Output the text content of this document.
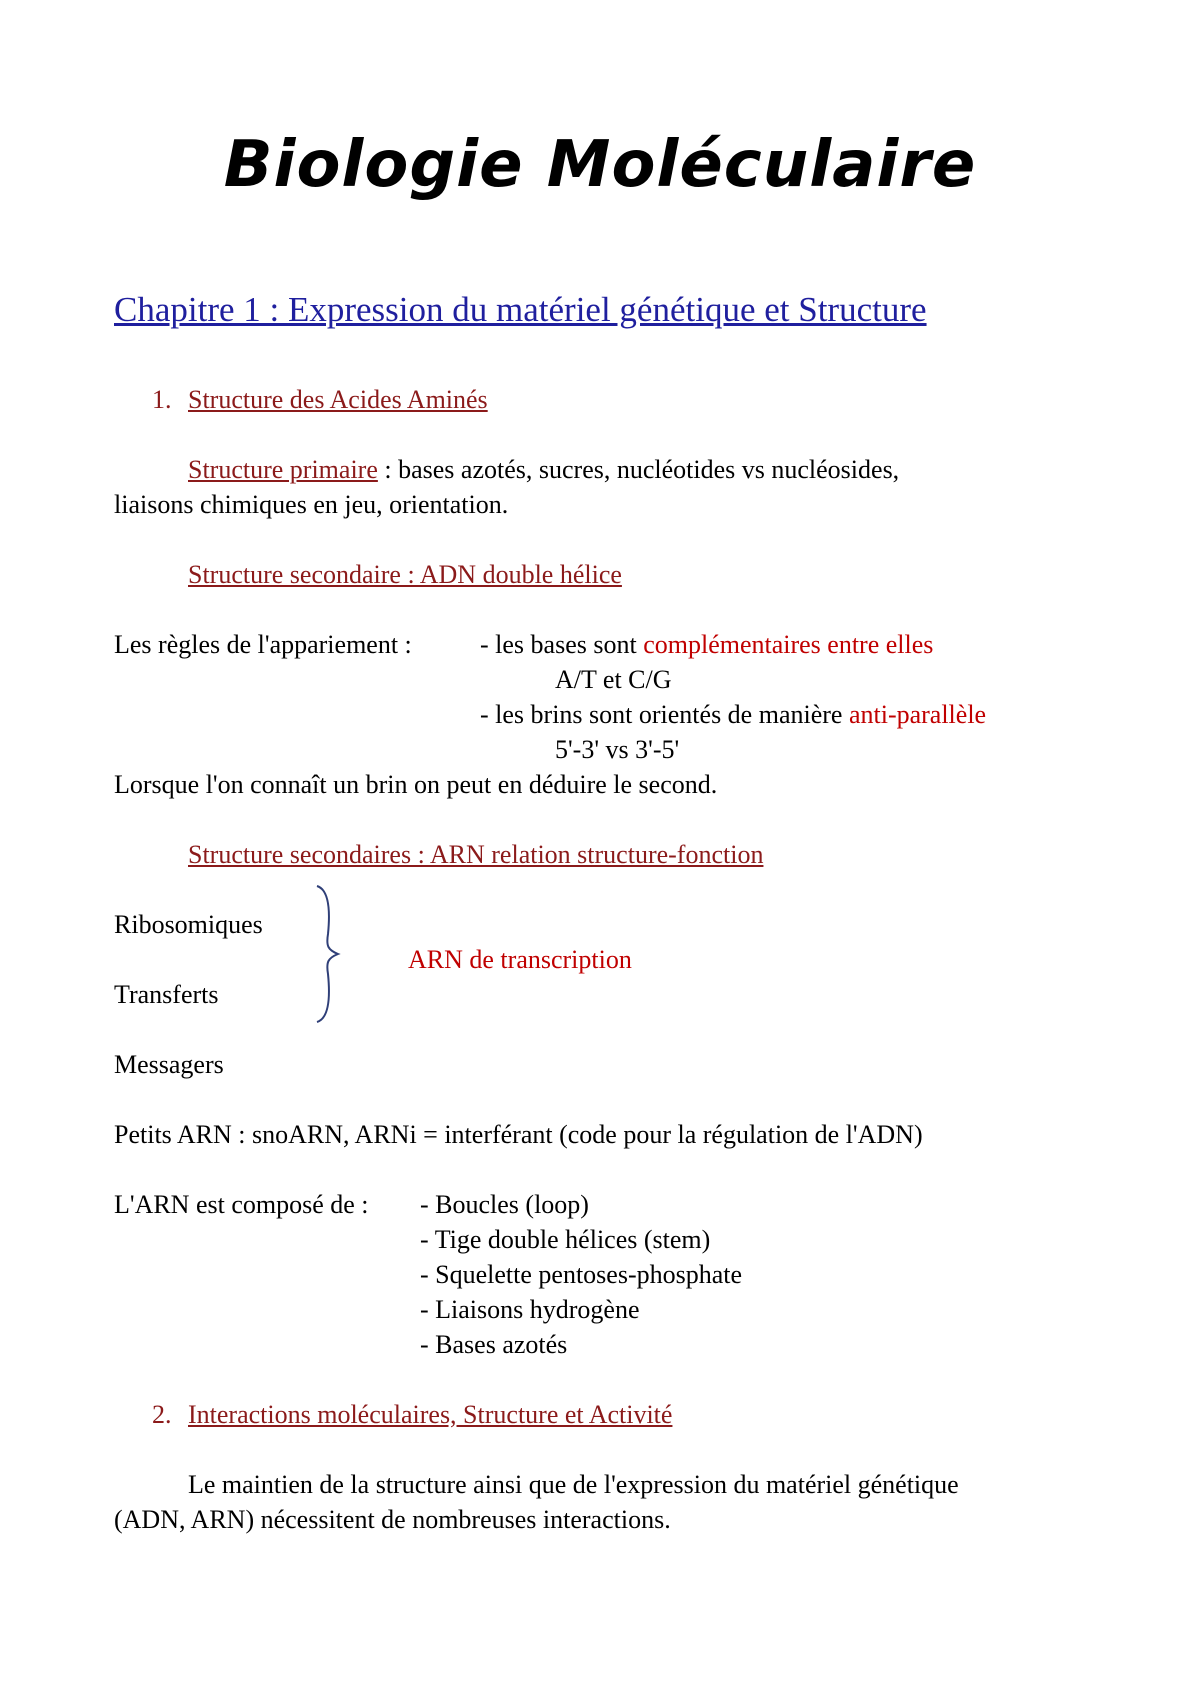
Biologie Moléculaire
Chapitre 1 : Expression du matériel génétique et Structure
1. Structure des Acides Aminés
Structure primaire : bases azotés, sucres, nucléotides vs nucléosides,
liaisons chimiques en jeu, orientation.
Structure secondaire : ADN double hélice
Les règles de l'appariement :	- les bases sont complémentaires entre elles
A/T et C/G
- les brins sont orientés de manière anti-parallèle
5'-3' vs 3'-5'
Lorsque l'on connaît un brin on peut en déduire le second.
Structure secondaires : ARN relation structure-fonction
Ribosomiques
Transferts
ARN de transcription
Messagers
Petits ARN : snoARN, ARNi = interférant (code pour la régulation de l'ADN)
L'ARN est composé de : - Boucles (loop)
- Tige double hélices (stem)
- Squelette pentoses-phosphate
- Liaisons hydrogène
- Bases azotés
2. Interactions moléculaires, Structure et Activité
Le maintien de la structure ainsi que de l'expression du matériel génétique
(ADN, ARN) nécessitent de nombreuses interactions.
